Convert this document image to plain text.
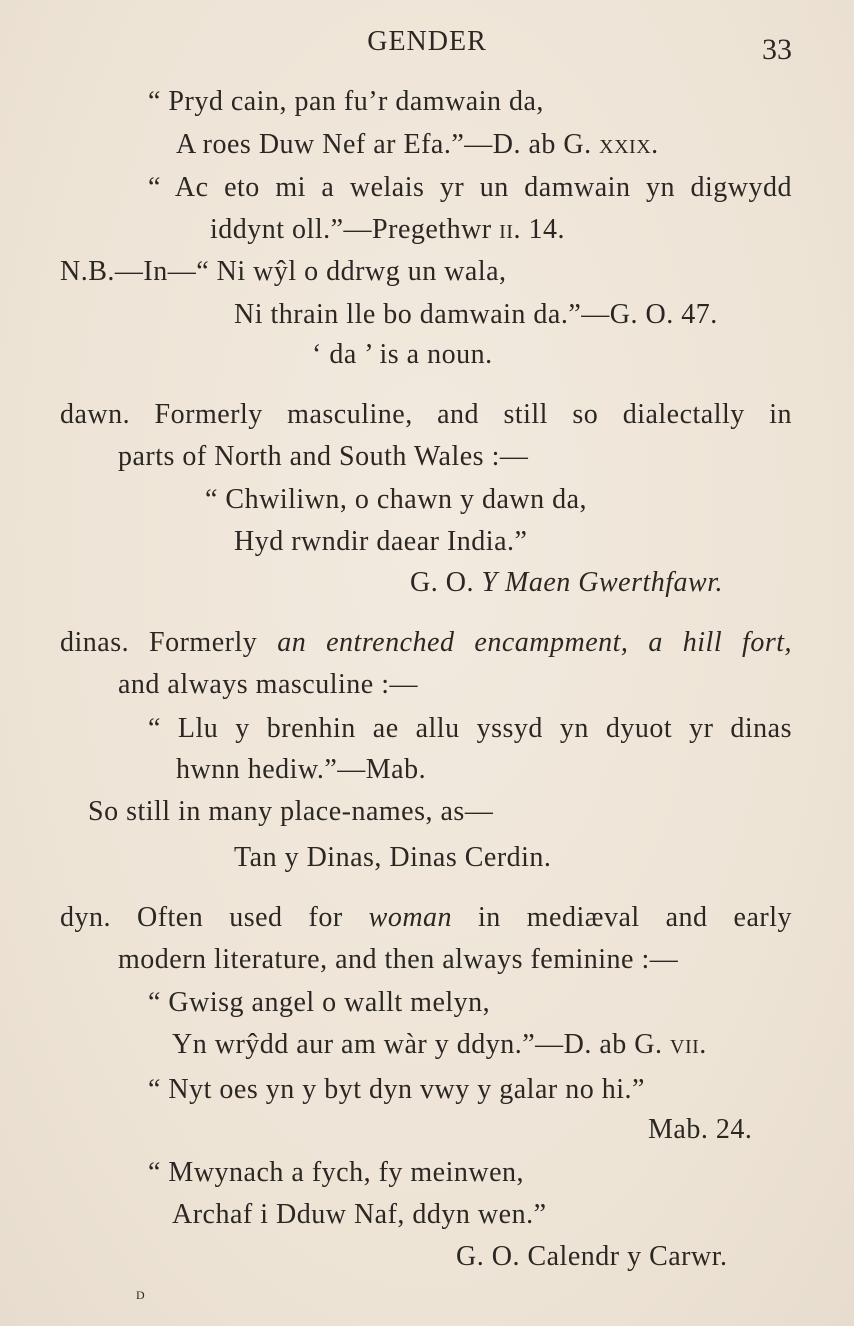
GENDER	33
“ Pryd cain, pan fu’r damwain da,
A roes Duw Nef ar Efa.”—D. ab G. xxix.
“ Ac eto mi a welais yr un damwain yn digwydd
iddynt oll.”—Pregethwr ii. 14.
N.B.—In—“ Ni wŷl o ddrwg un wala,
Ni thrain lle bo damwain da.”—G. O. 47.
‘ da ’ is a noun.
dawn. Formerly masculine, and still so dialectally in
parts of North and South Wales :—
“ Chwiliwn, o chawn y dawn da,
Hyd rwndir daear India.”
G. O. Y Maen Gwerthfawr.
dinas. Formerly an entrenched encampment, a hill fort,
and always masculine :—
“ Llu y brenhin ae allu yssyd yn dyuot yr dinas
hwnn hediw.”—Mab.
So still in many place-names, as—
Tan y Dinas, Dinas Cerdin.
dyn. Often used for woman in mediæval and early
modern literature, and then always feminine :—
“ Gwisg angel o wallt melyn,
Yn wrŷdd aur am wàr y ddyn.”—D. ab G. vii.
“ Nyt oes yn y byt dyn vwy y galar no hi.”
Mab. 24.
“ Mwynach a fych, fy meinwen,
Archaf i Dduw Naf, ddyn wen.”
G. O. Calendr y Carwr.
d
